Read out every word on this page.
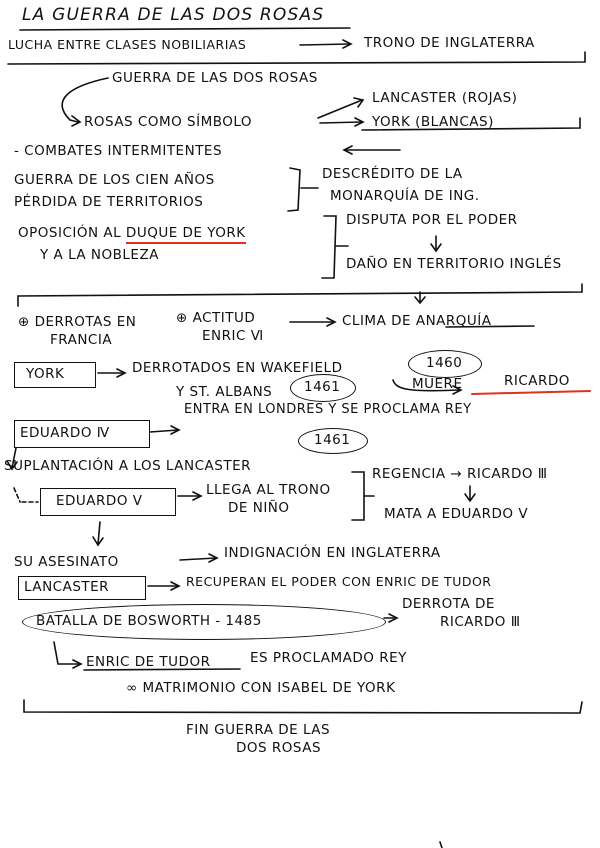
LA GUERRA DE LAS DOS ROSAS
LUCHA ENTRE CLASES NOBILIARIAS	TRONO DE INGLATERRA
GUERRA DE LAS DOS ROSAS
ROSAS COMO SÍMBOLO
LANCASTER (ROJAS)
YORK (BLANCAS)
- COMBATES INTERMITENTES
GUERRA DE LOS CIEN AÑOS
PÉRDIDA DE TERRITORIOS
DESCRÉDITO DE LA
MONARQUÍA DE ING.
OPOSICIÓN AL DUQUE DE YORK
Y A LA NOBLEZA
DISPUTA POR EL PODER
DAÑO EN TERRITORIO INGLÉS
⊕ DERROTAS EN
FRANCIA
⊕ ACTITUD
ENRIC Ⅵ
CLIMA DE ANARQUÍA
YORK	DERROTADOS EN WAKEFIELD	1460
Y ST. ALBANS 1461	MUERE	RICARDO
EDUARDO Ⅳ
ENTRA EN LONDRES Y SE PROCLAMA REY
1461
SUPLANTACIÓN A LOS LANCASTER
EDUARDO Ⅴ
LLEGA AL TRONO
DE NIÑO
REGENCIA → RICARDO Ⅲ
MATA A EDUARDO Ⅴ
SU ASESINATO
INDIGNACIÓN EN INGLATERRA
LANCASTER	RECUPERAN EL PODER CON ENRIC DE TUDOR
BATALLA DE BOSWORTH - 1485
DERROTA DE
RICARDO Ⅲ
ENRIC DE TUDOR	ES PROCLAMADO REY
∞ MATRIMONIO CON ISABEL DE YORK
FIN GUERRA DE LAS
DOS ROSAS
